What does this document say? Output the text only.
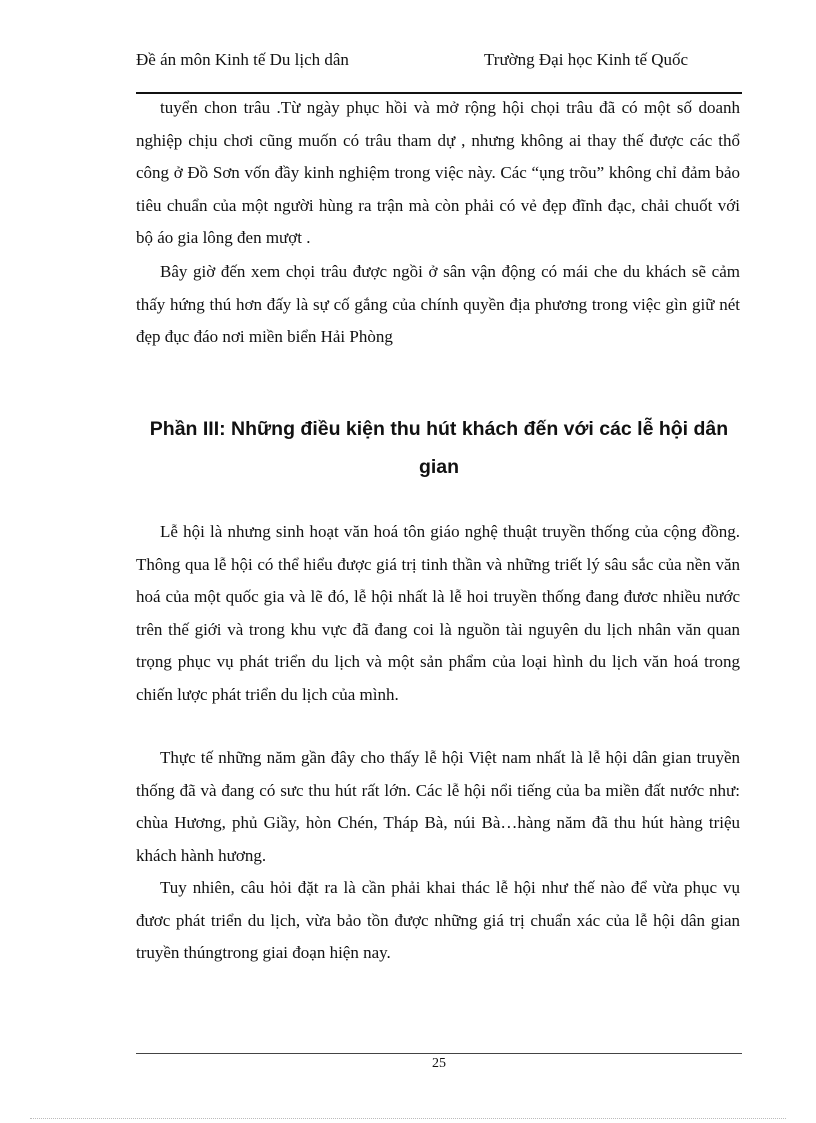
Đề án môn Kinh tế Du lịch dân	Trường Đại học Kinh tế Quốc
tuyển chon trâu .Từ ngày phục hồi và mở rộng hội chọi trâu đã có một số doanh nghiệp chịu chơi cũng muốn có trâu tham dự , nhưng không ai thay thế được các thổ công ở Đồ Sơn vốn đầy kinh nghiệm trong việc này. Các “ụng trõu” không chỉ đảm bảo tiêu chuẩn của một người hùng ra trận mà còn phải có vẻ đẹp đĩnh đạc, chải chuốt với bộ áo gia lông đen mượt .
Bây giờ đến xem chọi trâu được ngồi ở sân vận động có mái che du khách sẽ cảm thấy hứng thú hơn đấy là sự cố gắng của chính quyền địa phương trong việc gìn giữ nét đẹp đục đáo nơi miền biển Hải Phòng
Phần III: Những điều kiện thu hút khách đến với các lễ hội dân gian
Lễ hội là nhưng sinh hoạt văn hoá tôn giáo nghệ thuật truyền thống của cộng đồng. Thông qua lễ hội có thể hiểu được giá trị tinh thần và những triết lý sâu sắc của nền văn hoá của một quốc gia và lẽ đó, lễ hội nhất là lễ hoi truyền thống đang đươc nhiều nước trên thế giới và trong khu vực đã đang coi là nguồn tài nguyên du lịch nhân văn quan trọng phục vụ phát triển du lịch và một sản phẩm của loại hình du lịch văn hoá trong chiến lược phát triển du lịch của mình.
Thực tế những năm gần đây cho thấy lễ hội Việt nam nhất là lễ hội dân gian truyền thống đã và đang có sưc thu hút rất lớn. Các lễ hội nổi tiếng của ba miền đất nước như: chùa Hương, phủ Giầy, hòn Chén, Tháp Bà, núi Bà…hàng năm đã thu hút hàng triệu khách hành hương.
Tuy nhiên, câu hỏi đặt ra là cần phải khai thác lễ hội như thế nào để vừa phục vụ đươc phát triển du lịch, vừa bảo tồn được những giá trị chuẩn xác của lễ hội dân gian truyền thúngtrong giai đoạn hiện nay.
25
